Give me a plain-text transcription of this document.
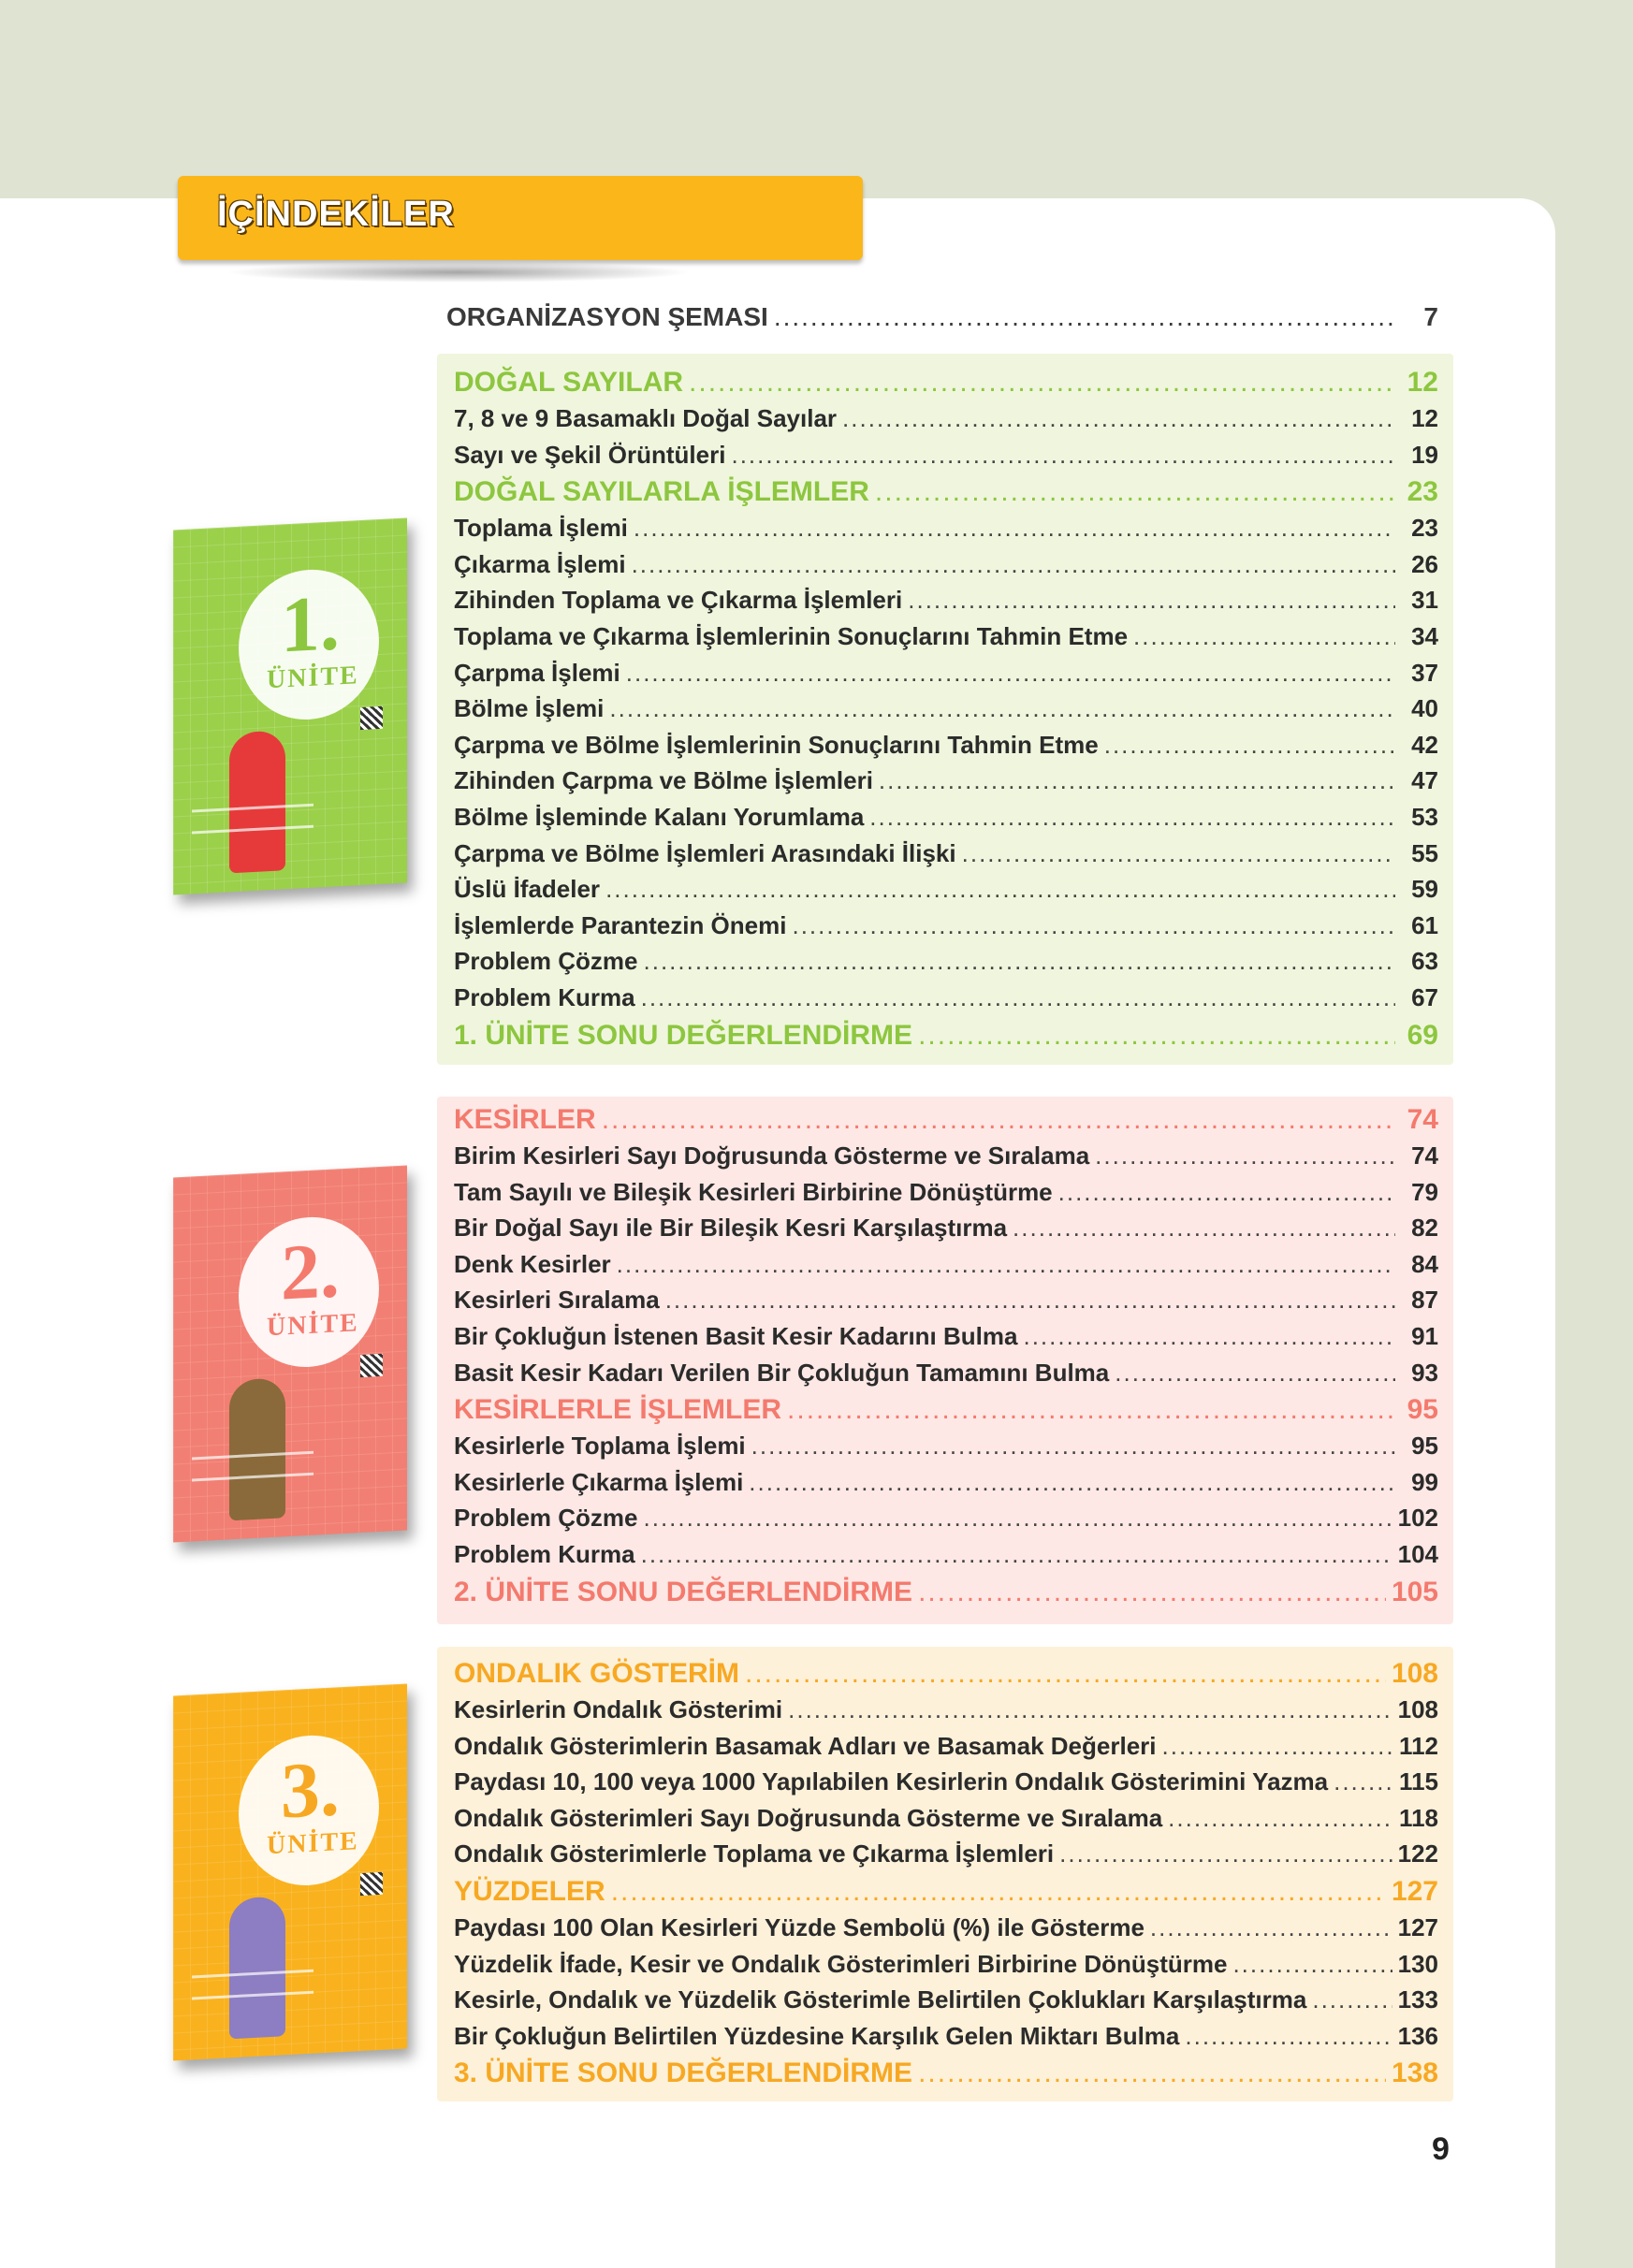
İÇİNDEKİLER
ORGANİZASYON ŞEMASI .....	7
1.
ÜNİTE
2.
ÜNİTE
3.
ÜNİTE
DOĞAL SAYILAR .....	12
7, 8 ve 9 Basamaklı Doğal Sayılar .....	12
Sayı ve Şekil Örüntüleri .....	19
DOĞAL SAYILARLA İŞLEMLER .....	23
Toplama İşlemi .....	23
Çıkarma İşlemi .....	26
Zihinden Toplama ve Çıkarma İşlemleri .....	31
Toplama ve Çıkarma İşlemlerinin Sonuçlarını Tahmin Etme .....	34
Çarpma İşlemi .....	37
Bölme İşlemi .....	40
Çarpma ve Bölme İşlemlerinin Sonuçlarını Tahmin Etme .....	42
Zihinden Çarpma ve Bölme İşlemleri .....	47
Bölme İşleminde Kalanı Yorumlama .....	53
Çarpma ve Bölme İşlemleri Arasındaki İlişki .....	55
Üslü İfadeler .....	59
İşlemlerde Parantezin Önemi .....	61
Problem Çözme .....	63
Problem Kurma .....	67
1. ÜNİTE SONU DEĞERLENDİRME .....	69
KESİRLER .....	74
Birim Kesirleri Sayı Doğrusunda Gösterme ve Sıralama .....	74
Tam Sayılı ve Bileşik Kesirleri Birbirine Dönüştürme .....	79
Bir Doğal Sayı ile Bir Bileşik Kesri Karşılaştırma .....	82
Denk Kesirler .....	84
Kesirleri Sıralama .....	87
Bir Çokluğun İstenen Basit Kesir Kadarını Bulma .....	91
Basit Kesir Kadarı Verilen Bir Çokluğun Tamamını Bulma .....	93
KESİRLERLE İŞLEMLER .....	95
Kesirlerle Toplama İşlemi .....	95
Kesirlerle Çıkarma İşlemi .....	99
Problem Çözme .....	102
Problem Kurma .....	104
2. ÜNİTE SONU DEĞERLENDİRME .....	105
ONDALIK GÖSTERİM .....	108
Kesirlerin Ondalık Gösterimi .....	108
Ondalık Gösterimlerin Basamak Adları ve Basamak Değerleri .....	112
Paydası 10, 100 veya 1000 Yapılabilen Kesirlerin Ondalık Gösterimini Yazma .....	115
Ondalık Gösterimleri Sayı Doğrusunda Gösterme ve Sıralama .....	118
Ondalık Gösterimlerle Toplama ve Çıkarma İşlemleri .....	122
YÜZDELER .....	127
Paydası 100 Olan Kesirleri Yüzde Sembolü (%) ile Gösterme .....	127
Yüzdelik İfade, Kesir ve Ondalık Gösterimleri Birbirine Dönüştürme .....	130
Kesirle, Ondalık ve Yüzdelik Gösterimle Belirtilen Çoklukları Karşılaştırma .....	133
Bir Çokluğun Belirtilen Yüzdesine Karşılık Gelen Miktarı Bulma .....	136
3. ÜNİTE SONU DEĞERLENDİRME .....	138
9
